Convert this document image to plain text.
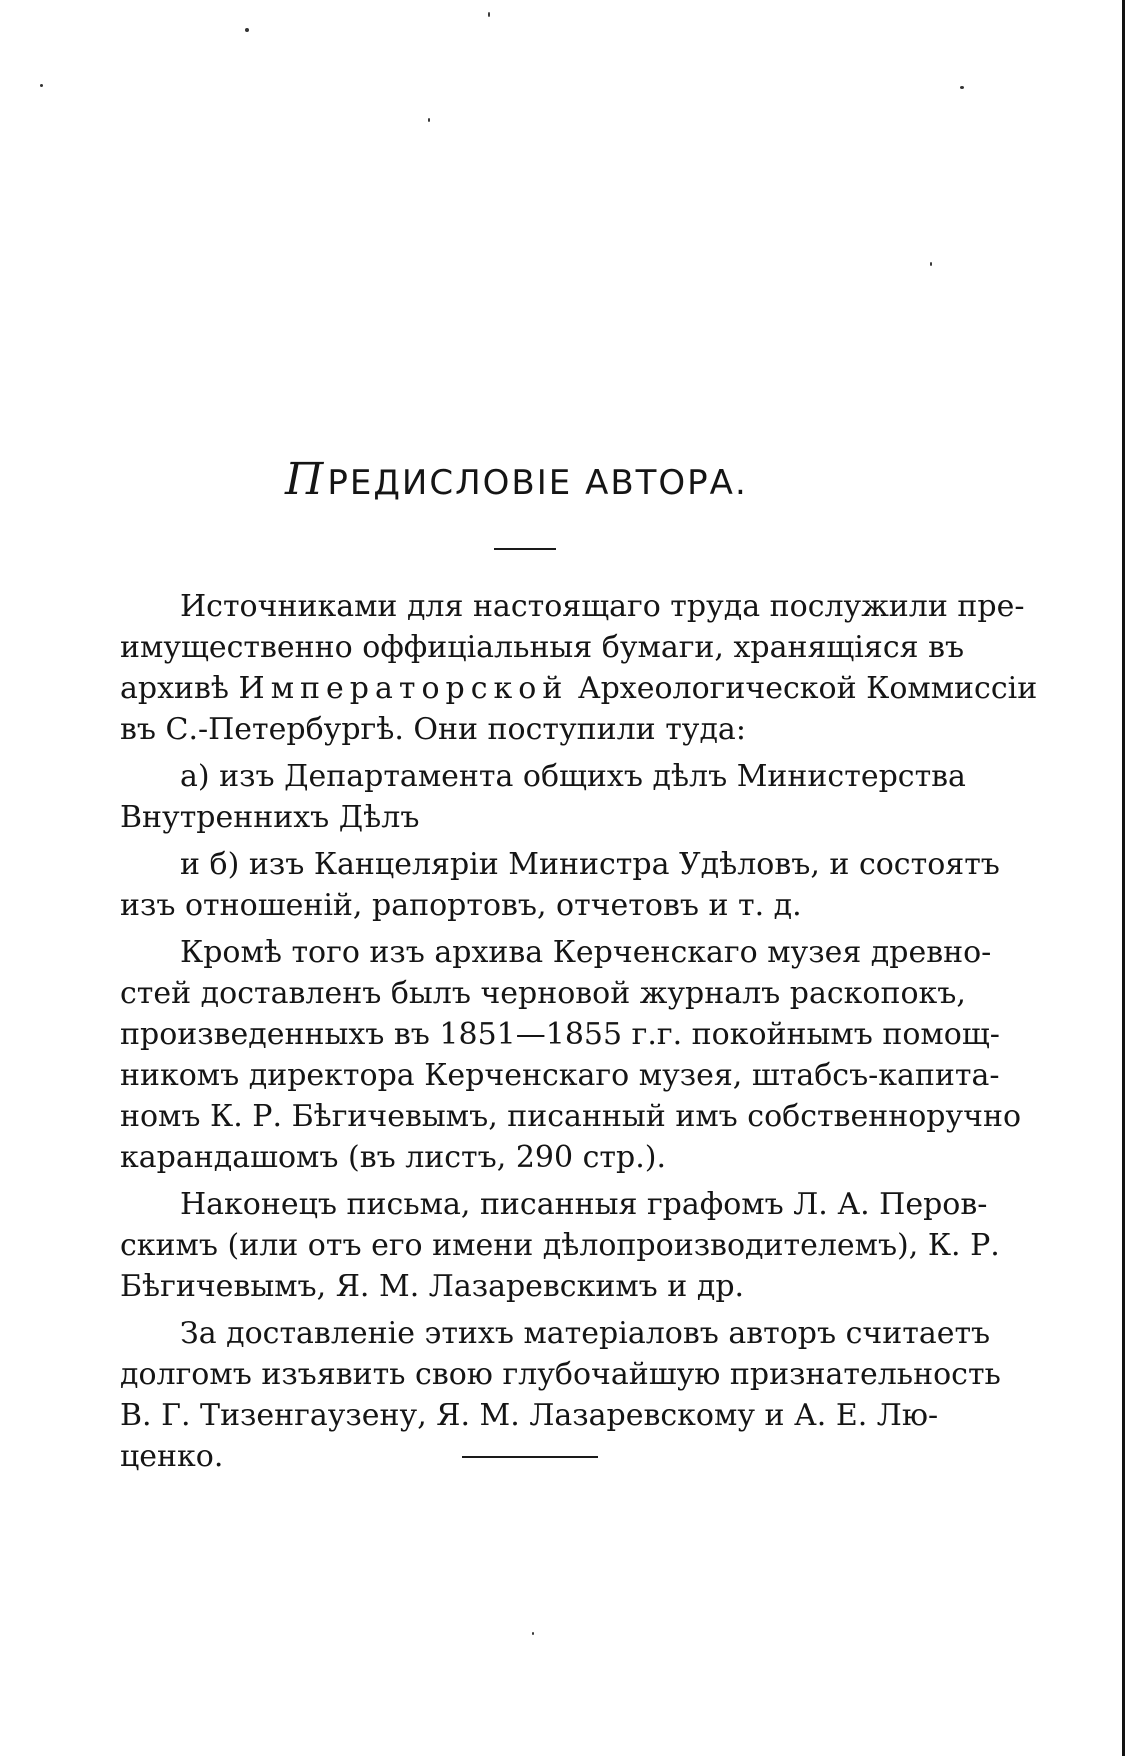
ПРЕДИСЛОВІЕ АВТОРА.
Источниками для настоящаго труда послужили пре-
имущественно оффиціальныя бумаги, хранящіяся въ
архивѣ Императорской Археологической Коммиссіи
въ С.-Петербургѣ. Они поступили туда:
а) изъ Департамента общихъ дѣлъ Министерства
Внутреннихъ Дѣлъ
и б) изъ Канцеляріи Министра Удѣловъ, и состоятъ
изъ отношеній, рапортовъ, отчетовъ и т. д.
Кромѣ того изъ архива Керченскаго музея древно-
стей доставленъ былъ черновой журналъ раскопокъ,
произведенныхъ въ 1851—1855 г.г. покойнымъ помощ-
никомъ директора Керченскаго музея, штабсъ-капита-
номъ К. Р. Бѣгичевымъ, писанный имъ собственноручно
карандашомъ (въ листъ, 290 стр.).
Наконецъ письма, писанныя графомъ Л. А. Перов-
скимъ (или отъ его имени дѣлопроизводителемъ), К. Р.
Бѣгичевымъ, Я. М. Лазаревскимъ и др.
За доставленіе этихъ матеріаловъ авторъ считаетъ
долгомъ изъявить свою глубочайшую признательность
В. Г. Тизенгаузену, Я. М. Лазаревскому и А. Е. Лю-
ценко.
